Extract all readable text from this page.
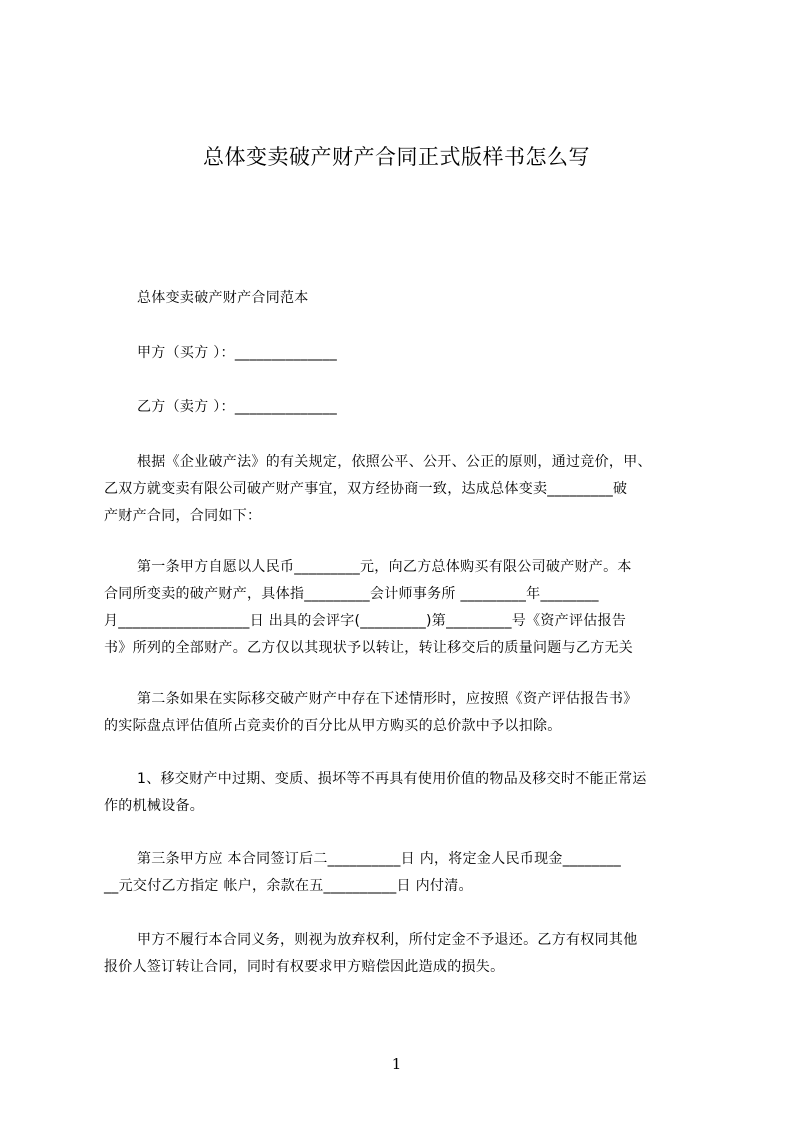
总体变卖破产财产合同正式版样书怎么写
总体变卖破产财产合同范本
甲方（买方 ）：______________
乙方（卖方 ）：______________
根据《企业破产法》的有关规定，依照公平、公开、公正的原则，通过竞价，甲、
乙双方就变卖有限公司破产财产事宜，双方经协商一致，达成总体变卖_________破
产财产合同，合同如下：
第一条甲方自愿以人民币_________元，向乙方总体购买有限公司破产财产。本
合同所变卖的破产财产，具体指_________会计师事务所 _________年________
月__________________日 出具的会评字(_________)第_________号《资产评估报告
书》所列的全部财产。乙方仅以其现状予以转让，转让移交后的质量问题与乙方无关
第二条如果在实际移交破产财产中存在下述情形时，应按照《资产评估报告书》
的实际盘点评估值所占竞卖价的百分比从甲方购买的总价款中予以扣除。
1、移交财产中过期、变质、损坏等不再具有使用价值的物品及移交时不能正常运
作的机械设备。
第三条甲方应 本合同签订后二__________日 内，将定金人民币现金________
__元交付乙方指定 帐户，余款在五__________日 内付清。
甲方不履行本合同义务，则视为放弃权利，所付定金不予退还。乙方有权同其他
报价人签订转让合同，同时有权要求甲方赔偿因此造成的损失。
1
